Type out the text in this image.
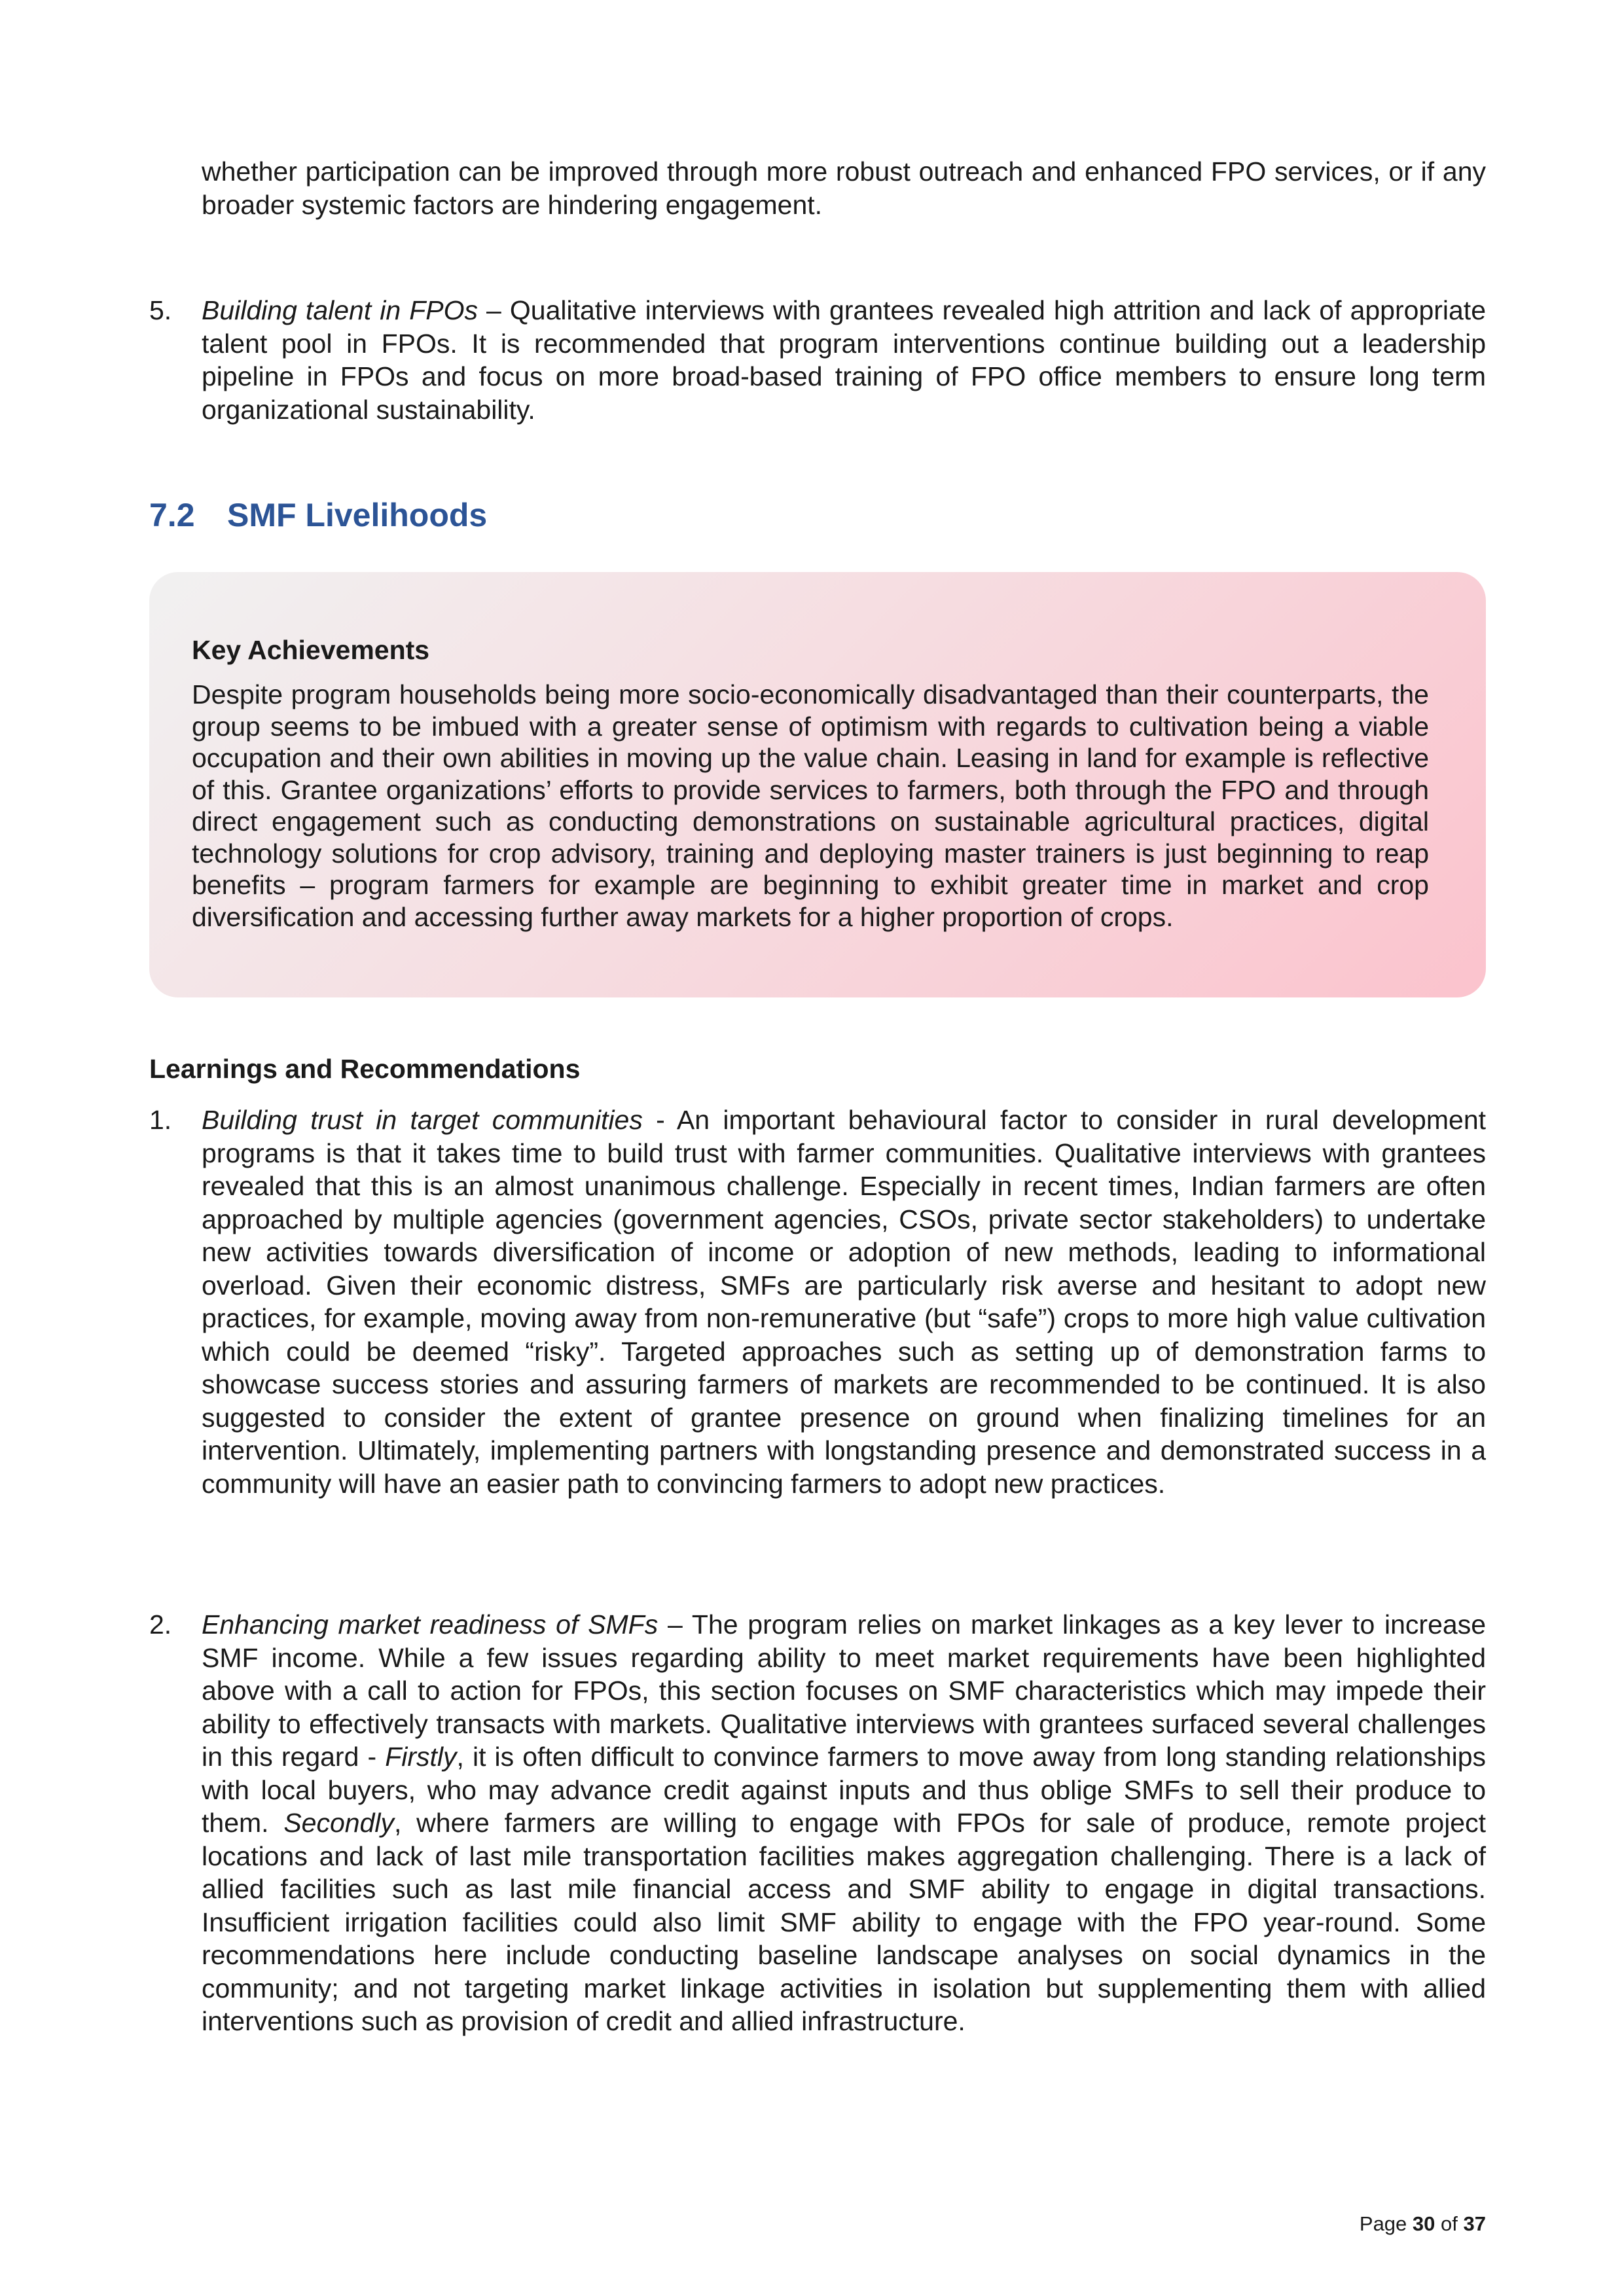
whether participation can be improved through more robust outreach and enhanced FPO services, or if any broader systemic factors are hindering engagement.

5.	Building talent in FPOs – Qualitative interviews with grantees revealed high attrition and lack of appropriate talent pool in FPOs. It is recommended that program interventions continue building out a leadership pipeline in FPOs and focus on more broad-based training of FPO office members to ensure long term organizational sustainability.
7.2 SMF Livelihoods
Key Achievements

Despite program households being more socio-economically disadvantaged than their counterparts, the group seems to be imbued with a greater sense of optimism with regards to cultivation being a viable occupation and their own abilities in moving up the value chain. Leasing in land for example is reflective of this. Grantee organizations’ efforts to provide services to farmers, both through the FPO and through direct engagement such as conducting demonstrations on sustainable agricultural practices, digital technology solutions for crop advisory, training and deploying master trainers is just beginning to reap benefits – program farmers for example are beginning to exhibit greater time in market and crop diversification and accessing further away markets for a higher proportion of crops.

Learnings and Recommendations
1.	Building trust in target communities - An important behavioural factor to consider in rural development programs is that it takes time to build trust with farmer communities. Qualitative interviews with grantees revealed that this is an almost unanimous challenge. Especially in recent times, Indian farmers are often approached by multiple agencies (government agencies, CSOs, private sector stakeholders) to undertake new activities towards diversification of income or adoption of new methods, leading to informational overload. Given their economic distress, SMFs are particularly risk averse and hesitant to adopt new practices, for example, moving away from non-remunerative (but “safe”) crops to more high value cultivation which could be deemed “risky”. Targeted approaches such as setting up of demonstration farms to showcase success stories and assuring farmers of markets are recommended to be continued. It is also suggested to consider the extent of grantee presence on ground when finalizing timelines for an intervention. Ultimately, implementing partners with longstanding presence and demonstrated success in a community will have an easier path to convincing farmers to adopt new practices.
2.	Enhancing market readiness of SMFs – The program relies on market linkages as a key lever to increase SMF income. While a few issues regarding ability to meet market requirements have been highlighted above with a call to action for FPOs, this section focuses on SMF characteristics which may impede their ability to effectively transacts with markets. Qualitative interviews with grantees surfaced several challenges in this regard - Firstly, it is often difficult to convince farmers to move away from long standing relationships with local buyers, who may advance credit against inputs and thus oblige SMFs to sell their produce to them. Secondly, where farmers are willing to engage with FPOs for sale of produce, remote project locations and lack of last mile transportation facilities makes aggregation challenging. There is a lack of allied facilities such as last mile financial access and SMF ability to engage in digital transactions. Insufficient irrigation facilities could also limit SMF ability to engage with the FPO year-round. Some recommendations here include conducting baseline landscape analyses on social dynamics in the community; and not targeting market linkage activities in isolation but supplementing them with allied interventions such as provision of credit and allied infrastructure.
Page 30 of 37
